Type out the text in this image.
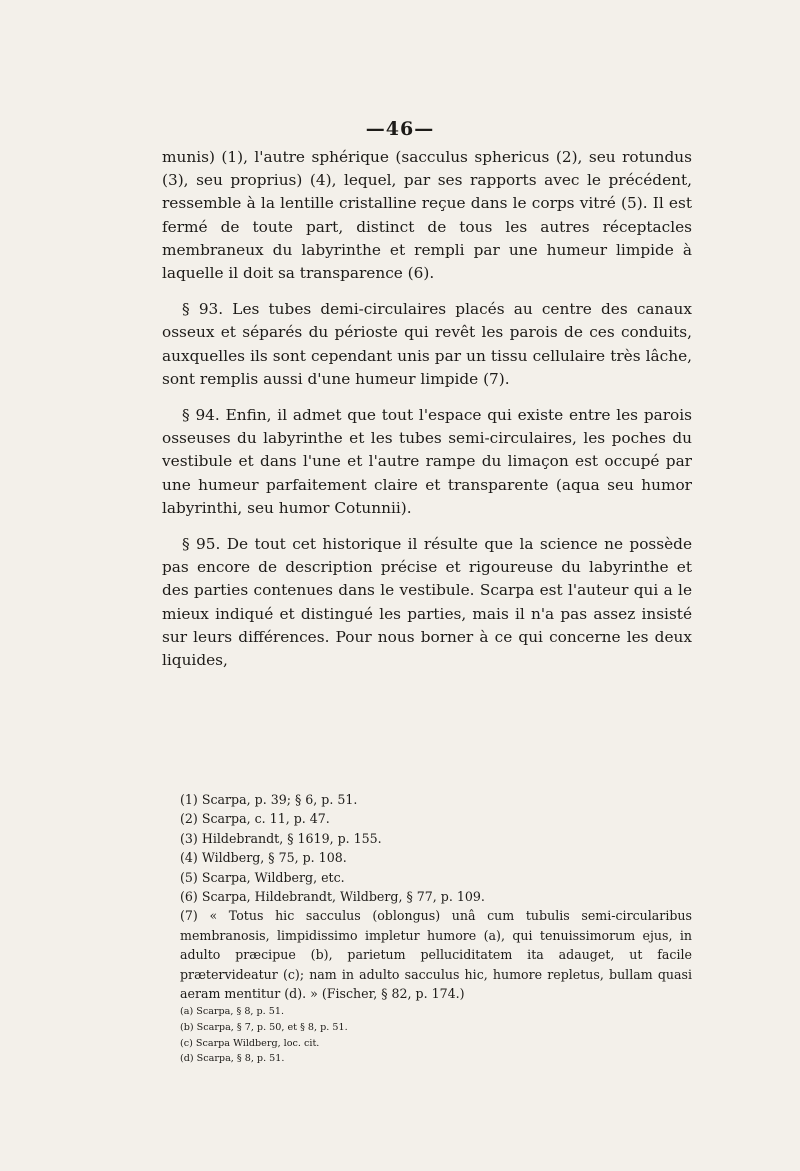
—46—

munis) (1), l'autre sphérique (sacculus sphericus (2), seu rotundus (3), seu proprius) (4), lequel, par ses rapports avec le précédent, ressemble à la lentille cristalline reçue dans le corps vitré (5). Il est fermé de toute part, distinct de tous les autres réceptacles membraneux du labyrinthe et rempli par une humeur limpide à laquelle il doit sa transparence (6).

§ 93. Les tubes demi-circulaires placés au centre des canaux osseux et séparés du périoste qui revêt les parois de ces conduits, auxquelles ils sont cependant unis par un tissu cellulaire très lâche, sont remplis aussi d'une humeur limpide (7).

§ 94. Enfin, il admet que tout l'espace qui existe entre les parois osseuses du labyrinthe et les tubes semi-circulaires, les poches du vestibule et dans l'une et l'autre rampe du limaçon est occupé par une humeur parfaitement claire et transparente (aqua seu humor labyrinthi, seu humor Cotunnii).

§ 95. De tout cet historique il résulte que la science ne possède pas encore de description précise et rigoureuse du labyrinthe et des parties contenues dans le vestibule. Scarpa est l'auteur qui a le mieux indiqué et distingué les parties, mais il n'a pas assez insisté sur leurs différences. Pour nous borner à ce qui concerne les deux liquides,

(1) Scarpa, p. 39; § 6, p. 51.

(2) Scarpa, c. 11, p. 47.

(3) Hildebrandt, § 1619, p. 155.

(4) Wildberg, § 75, p. 108.

(5) Scarpa, Wildberg, etc.

(6) Scarpa, Hildebrandt, Wildberg, § 77, p. 109.

(7) « Totus hic sacculus (oblongus) unâ cum tubulis semi-circularibus membranosis, limpidissimo impletur humore (a), qui tenuissimorum ejus, in adulto præcipue (b), parietum pelluciditatem ita adauget, ut facile prætervideatur (c); nam in adulto sacculus hic, humore repletus, bullam quasi aeram mentitur (d). » (Fischer, § 82, p. 174.)

(a) Scarpa, § 8, p. 51.

(b) Scarpa, § 7, p. 50, et § 8, p. 51.

(c) Scarpa Wildberg, loc. cit.

(d) Scarpa, § 8, p. 51.
